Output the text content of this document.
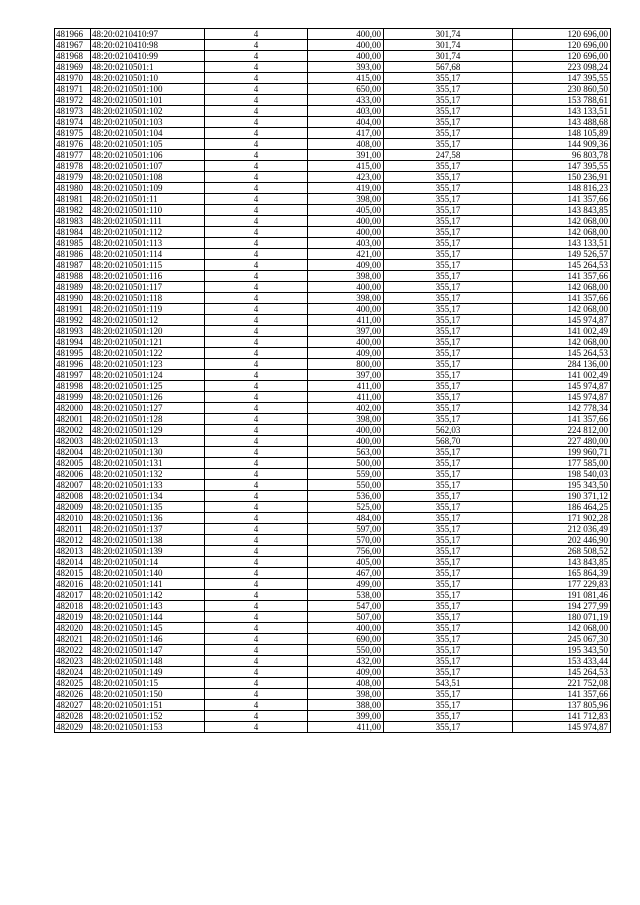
481966	48:20:0210410:97	4	400,00	301,74	120 696,00
481967	48:20:0210410:98	4	400,00	301,74	120 696,00
481968	48:20:0210410:99	4	400,00	301,74	120 696,00
481969	48:20:0210501:1	4	393,00	567,68	223 098,24
481970	48:20:0210501:10	4	415,00	355,17	147 395,55
481971	48:20:0210501:100	4	650,00	355,17	230 860,50
481972	48:20:0210501:101	4	433,00	355,17	153 788,61
481973	48:20:0210501:102	4	403,00	355,17	143 133,51
481974	48:20:0210501:103	4	404,00	355,17	143 488,68
481975	48:20:0210501:104	4	417,00	355,17	148 105,89
481976	48:20:0210501:105	4	408,00	355,17	144 909,36
481977	48:20:0210501:106	4	391,00	247,58	96 803,78
481978	48:20:0210501:107	4	415,00	355,17	147 395,55
481979	48:20:0210501:108	4	423,00	355,17	150 236,91
481980	48:20:0210501:109	4	419,00	355,17	148 816,23
481981	48:20:0210501:11	4	398,00	355,17	141 357,66
481982	48:20:0210501:110	4	405,00	355,17	143 843,85
481983	48:20:0210501:111	4	400,00	355,17	142 068,00
481984	48:20:0210501:112	4	400,00	355,17	142 068,00
481985	48:20:0210501:113	4	403,00	355,17	143 133,51
481986	48:20:0210501:114	4	421,00	355,17	149 526,57
481987	48:20:0210501:115	4	409,00	355,17	145 264,53
481988	48:20:0210501:116	4	398,00	355,17	141 357,66
481989	48:20:0210501:117	4	400,00	355,17	142 068,00
481990	48:20:0210501:118	4	398,00	355,17	141 357,66
481991	48:20:0210501:119	4	400,00	355,17	142 068,00
481992	48:20:0210501:12	4	411,00	355,17	145 974,87
481993	48:20:0210501:120	4	397,00	355,17	141 002,49
481994	48:20:0210501:121	4	400,00	355,17	142 068,00
481995	48:20:0210501:122	4	409,00	355,17	145 264,53
481996	48:20:0210501:123	4	800,00	355,17	284 136,00
481997	48:20:0210501:124	4	397,00	355,17	141 002,49
481998	48:20:0210501:125	4	411,00	355,17	145 974,87
481999	48:20:0210501:126	4	411,00	355,17	145 974,87
482000	48:20:0210501:127	4	402,00	355,17	142 778,34
482001	48:20:0210501:128	4	398,00	355,17	141 357,66
482002	48:20:0210501:129	4	400,00	562,03	224 812,00
482003	48:20:0210501:13	4	400,00	568,70	227 480,00
482004	48:20:0210501:130	4	563,00	355,17	199 960,71
482005	48:20:0210501:131	4	500,00	355,17	177 585,00
482006	48:20:0210501:132	4	559,00	355,17	198 540,03
482007	48:20:0210501:133	4	550,00	355,17	195 343,50
482008	48:20:0210501:134	4	536,00	355,17	190 371,12
482009	48:20:0210501:135	4	525,00	355,17	186 464,25
482010	48:20:0210501:136	4	484,00	355,17	171 902,28
482011	48:20:0210501:137	4	597,00	355,17	212 036,49
482012	48:20:0210501:138	4	570,00	355,17	202 446,90
482013	48:20:0210501:139	4	756,00	355,17	268 508,52
482014	48:20:0210501:14	4	405,00	355,17	143 843,85
482015	48:20:0210501:140	4	467,00	355,17	165 864,39
482016	48:20:0210501:141	4	499,00	355,17	177 229,83
482017	48:20:0210501:142	4	538,00	355,17	191 081,46
482018	48:20:0210501:143	4	547,00	355,17	194 277,99
482019	48:20:0210501:144	4	507,00	355,17	180 071,19
482020	48:20:0210501:145	4	400,00	355,17	142 068,00
482021	48:20:0210501:146	4	690,00	355,17	245 067,30
482022	48:20:0210501:147	4	550,00	355,17	195 343,50
482023	48:20:0210501:148	4	432,00	355,17	153 433,44
482024	48:20:0210501:149	4	409,00	355,17	145 264,53
482025	48:20:0210501:15	4	408,00	543,51	221 752,08
482026	48:20:0210501:150	4	398,00	355,17	141 357,66
482027	48:20:0210501:151	4	388,00	355,17	137 805,96
482028	48:20:0210501:152	4	399,00	355,17	141 712,83
482029	48:20:0210501:153	4	411,00	355,17	145 974,87
